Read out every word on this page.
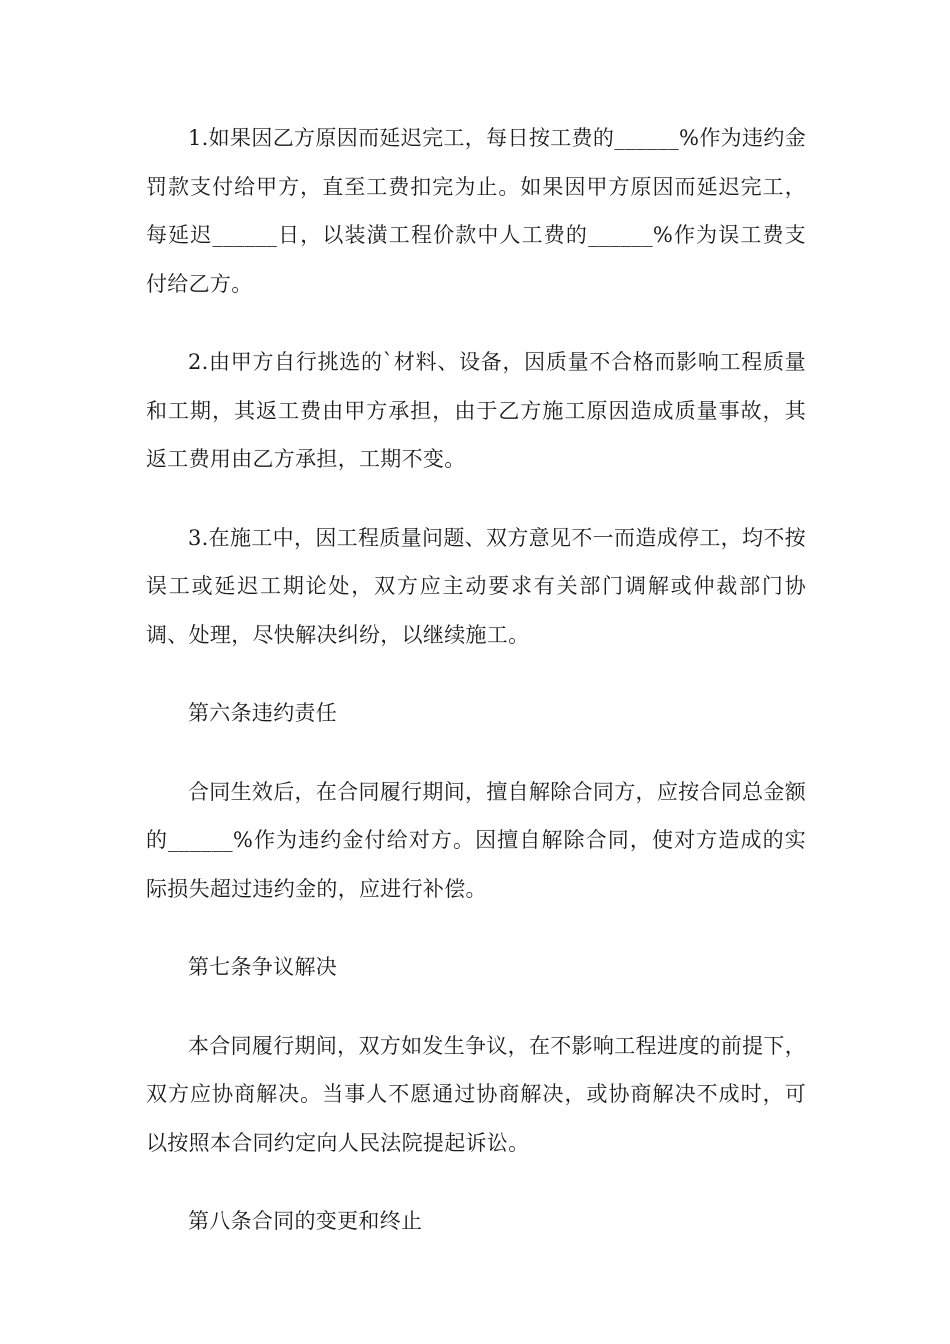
1.如果因乙方原因而延迟完工，每日按工费的______%作为违约金罚款支付给甲方，直至工费扣完为止。如果因甲方原因而延迟完工，每延迟______日，以装潢工程价款中人工费的______%作为误工费支付给乙方。

2.由甲方自行挑选的`材料、设备，因质量不合格而影响工程质量和工期，其返工费由甲方承担，由于乙方施工原因造成质量事故，其返工费用由乙方承担，工期不变。

3.在施工中，因工程质量问题、双方意见不一而造成停工，均不按误工或延迟工期论处，双方应主动要求有关部门调解或仲裁部门协调、处理，尽快解决纠纷，以继续施工。

第六条违约责任

合同生效后，在合同履行期间，擅自解除合同方，应按合同总金额的______%作为违约金付给对方。因擅自解除合同，使对方造成的实际损失超过违约金的，应进行补偿。

第七条争议解决

本合同履行期间，双方如发生争议，在不影响工程进度的前提下，双方应协商解决。当事人不愿通过协商解决，或协商解决不成时，可以按照本合同约定向人民法院提起诉讼。

第八条合同的变更和终止
